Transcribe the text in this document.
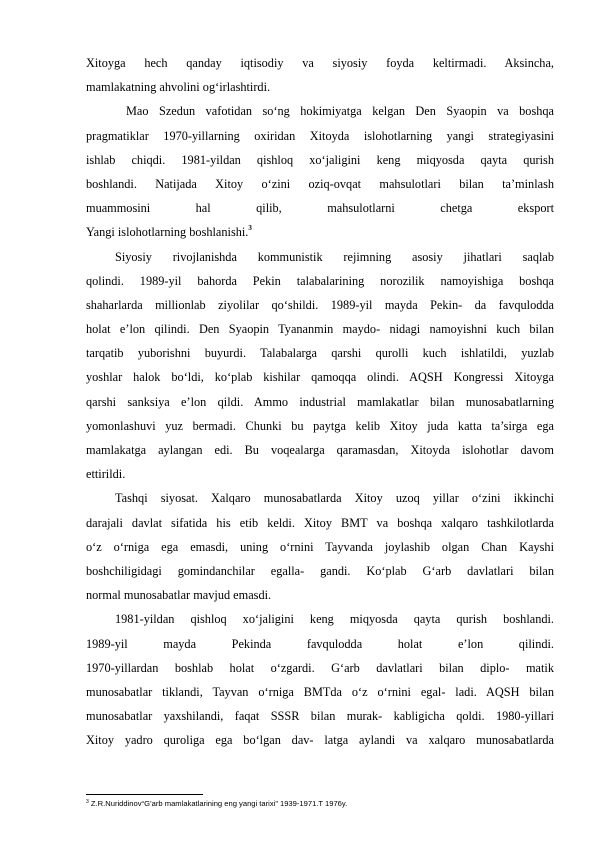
Xitoyga hech qanday iqtisodiy va siyosiy foyda keltirmadi. Aksincha,
mamlakatning ahvolini og‘irlashtirdi.
Mao Szedun vafotidan so‘ng hokimiyatga kelgan Den Syaopin va boshqa
pragmatiklar 1970-yillarning oxiridan Xitoyda islohotlarning yangi strategiyasini
ishlab chiqdi. 1981-yildan qishloq xo‘jaligini keng miqyosda qayta qurish
boshlandi. Natijada Xitoy o‘zini oziq-ovqat mahsulotlari bilan ta’minlash
muammosini hal qilib, mahsulotlarni chetga eksport
Yangi islohotlarning boshlanishi.$^3$
Siyosiy rivojlanishda kommunistik rejimning asosiy jihatlari saqlab
qolindi. 1989-yil bahorda Pekin talabalarining norozilik namoyishiga boshqa
shaharlarda millionlab ziyolilar qo‘shildi. 1989-yil mayda Pekin- da favqulodda
holat e’lon qilindi. Den Syaopin Tyananmin maydo- nidagi namoyishni kuch bilan
tarqatib yuborishni buyurdi. Talabalarga qarshi qurolli kuch ishlatildi, yuzlab
yoshlar halok bo‘ldi, ko‘plab kishilar qamoqqa olindi. AQSH Kongressi Xitoyga
qarshi sanksiya e’lon qildi. Ammo industrial mamlakatlar bilan munosabatlarning
yomonlashuvi yuz bermadi. Chunki bu paytga kelib Xitoy juda katta ta’sirga ega
mamlakatga aylangan edi. Bu voqealarga qaramasdan, Xitoyda islohotlar davom
ettirildi.
Tashqi siyosat. Xalqaro munosabatlarda Xitoy uzoq yillar o‘zini ikkinchi
darajali davlat sifatida his etib keldi. Xitoy BMT va boshqa xalqaro tashkilotlarda
o‘z o‘rniga ega emasdi, uning o‘rnini Tayvanda joylashib olgan Chan Kayshi
boshchiligidagi gomindanchilar egalla- gandi. Ko‘plab G‘arb davlatlari bilan
normal munosabatlar mavjud emasdi.
1981-yildan qishloq xo‘jaligini keng miqyosda qayta qurish boshlandi.
1989-yil mayda Pekinda favqulodda holat e’lon qilindi.
1970-yillardan boshlab holat o‘zgardi. G‘arb davlatlari bilan diplo- matik
munosabatlar tiklandi, Tayvan o‘rniga BMTda o‘z o‘rnini egal- ladi. AQSH bilan
munosabatlar yaxshilandi, faqat SSSR bilan murak- kabligicha qoldi. 1980-yillari
Xitoy yadro quroliga ega bo‘lgan dav- latga aylandi va xalqaro munosabatlarda
$^3$ Z.R.Nuriddinov“G’arb mamlakatlarining eng yangi tarixi” 1939-1971.T 1976y.
